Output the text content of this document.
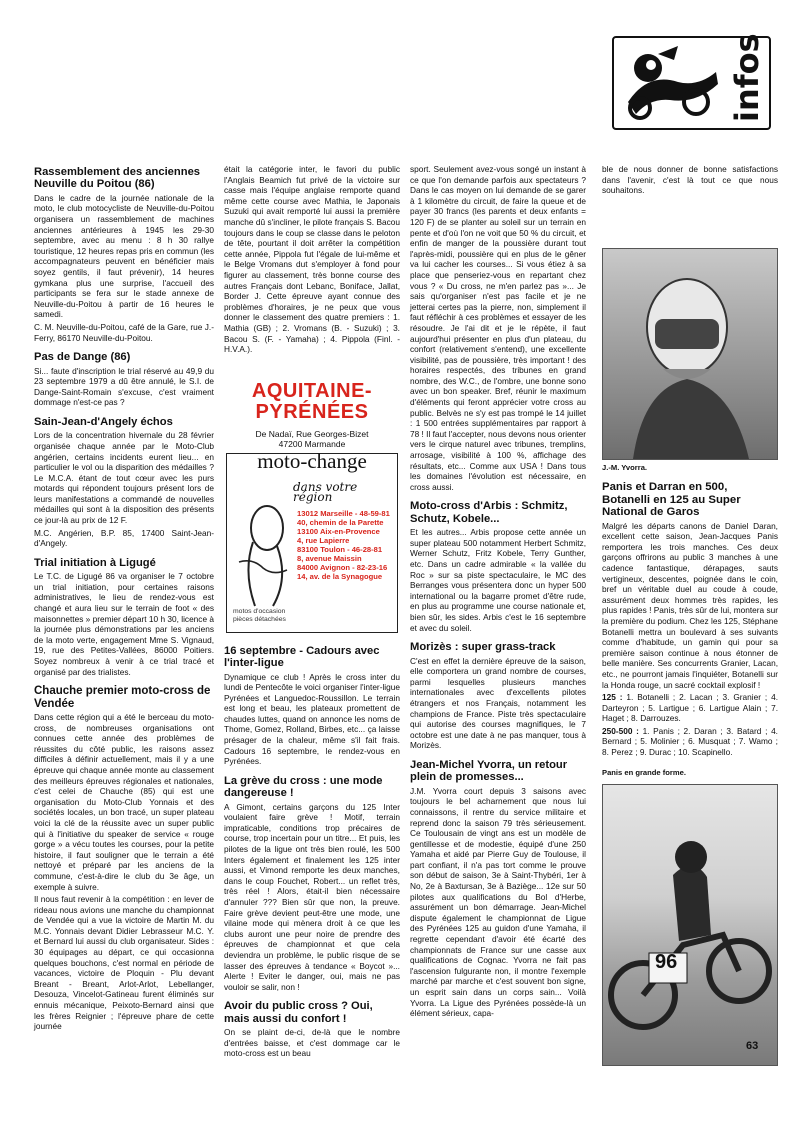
infos
Rassemblement des anciennes Neuville du Poitou (86)

Dans le cadre de la journée nationale de la moto, le club motocycliste de Neuville-du-Poitou organisera un rassemblement de machines anciennes antérieures à 1945 les 29-30 septembre, avec au menu : 8 h 30 rallye touristique, 12 heures repas pris en commun (les accompagnateurs peuvent en bénéficier mais soyez gentils, il faut prévenir), 14 heures gymkana plus une surprise, l'accueil des participants se fera sur le stade annexe de Neuville-du-Poitou à partir de 16 heures le samedi.

C. M. Neuville-du-Poitou, café de la Gare, rue J.-Ferry, 86170 Neuville-du-Poitou.

Pas de Dange (86)

Si... faute d'inscription le trial réservé au 49,9 du 23 septembre 1979 a dû être annulé, le S.I. de Dange-Saint-Romain s'excuse, c'est vraiment dommage n'est-ce pas ?

Sain-Jean-d'Angely échos

Lors de la concentration hivernale du 28 février organisée chaque année par le Moto-Club angérien, certains incidents eurent lieu... en particulier le vol ou la disparition des médailles ? Le M.C.A. étant de tout cœur avec les purs motards qui répondent toujours présent lors de leurs manifestations a commandé de nouvelles médailles qui sont à la disposition des présents ce jour-là au prix de 12 F.

M.C. Angérien, B.P. 85, 17400 Saint-Jean-d'Angely.

Trial initiation à Ligugé

Le T.C. de Ligugé 86 va organiser le 7 octobre un trial initiation, pour certaines raisons administratives, le lieu de rendez-vous est changé et aura lieu sur le terrain de foot « des maisonnettes » premier départ 10 h 30, licence à la journée plus démonstrations par les anciens de la moto verte, engagement Mme S. Vignaud, 19, rue des Petites-Vallées, 86000 Poitiers. Soyez nombreux à venir à ce trial tracé et organisé par des trialistes.

Chauche premier moto-cross de Vendée

Dans cette région qui a été le berceau du moto-cross, de nombreuses organisations ont connues cette année des problèmes de réussites du côté public, les raisons assez difficiles à définir actuellement, mais il y a une épreuve qui chaque année monte au classement des meilleurs épreuves régionales et nationales, c'est celei de Chauche (85) qui est une organisation du Moto-Club Yonnais et des sociétés locales, un bon tracé, un super plateau voici la clé de la réussite avec un super public qui à l'initiative du speaker de service « rouge gorge » a vécu toutes les courses, pour la petite histoire, il faut souligner que le terrain a été nettoyé et préparé par les anciens de la commune, c'est-à-dire le club du 3e âge, un exemple à suivre.

Il nous faut revenir à la compétition : en lever de rideau nous avions une manche du championnat de Vendée qui a vue la victoire de Martin M. du M.C. Yonnais devant Didier Lebrasseur M.C. Y. et Bernard lui aussi du club organisateur. Sides : 30 équipages au départ, ce qui occasionna quelques bouchons, c'est normal en période de vacances, victoire de Ploquin - Plu devant Breant - Breant, Arlot-Arlot, Lebellanger, Desouza, Vincelot-Gatineau furent éliminés sur ennuis mécanique, Peixoto-Bernard ainsi que les frères Reignier ; l'épreuve phare de cette journée

était la catégorie inter, le favori du public l'Anglais Beamich fut privé de la victoire sur casse mais l'équipe anglaise remporte quand même cette course avec Mathia, le Japonais Suzuki qui avait remporté lui aussi la première manche dû s'incliner, le pilote français S. Bacou toujours dans le coup se classe dans le peloton de tête, pourtant il doit arrêter la compétition cette année, Pippola fut l'égale de lui-même et le Belge Vromans dut s'employer à fond pour figurer au classement, très bonne course des autres Français dont Lebanc, Boniface, Jallat, Border J. Cette épreuve ayant connue des problèmes d'horaires, je ne peux que vous donner le classement des quatre premiers : 1. Mathia (GB) ; 2. Vromans (B. - Suzuki) ; 3. Bacou S. (F. - Yamaha) ; 4. Pippola (Finl. - H.V.A.).

AQUITAINE-
PYRÉNÉES
De Nadaï, Rue Georges-Bizet
47200 Marmande
moto-change
dans votre région
13012 Marseille - 48-59-81
40, chemin de la Parette
13100 Aix-en-Provence
4, rue Lapierre
83100 Toulon - 46-28-81
8, avenue Maissin
84000 Avignon - 82-23-16
14, av. de la Synagogue
motos d'occasion
pièces détachées
16 septembre - Cadours avec l'inter-ligue

Dynamique ce club ! Après le cross inter du lundi de Pentecôte le voici organiser l'inter-ligue Pyrénées et Languedoc-Roussillon. Le terrain est long et beau, les plateaux promettent de chaudes luttes, quand on annonce les noms de Thome, Gomez, Rolland, Birbes, etc... ça laisse présager de la chaleur, même s'il fait frais. Cadours 16 septembre, le rendez-vous en Pyrénées.

La grève du cross : une mode dangereuse !

A Gimont, certains garçons du 125 Inter voulaient faire grève ! Motif, terrain impraticable, conditions trop précaires de course, trop incertain pour un titre... Et puis, les pilotes de la ligue ont très bien roulé, les 500 Inters également et finalement les 125 inter aussi, et Vimond remporte les deux manches, dans le coup Fouchet, Robert... un reflet très, très réel ! Alors, était-il bien nécessaire d'annuler ??? Bien sûr que non, la preuve. Faire grève devient peut-être une mode, une vilaine mode qui mènera droit à ce que les clubs auront une peur noire de prendre des épreuves de championnat et que cela deviendra un problème, le public risque de se lasser des épreuves à tendance « Boycot »... Alerte ! Eviter le danger, oui, mais ne pas vouloir se salir, non !

Avoir du public cross ? Oui, mais aussi du confort !

On se plaint de-ci, de-là que le nombre d'entrées baisse, et c'est dommage car le moto-cross est un beau

sport. Seulement avez-vous songé un instant à ce que l'on demande parfois aux spectateurs ? Dans le cas moyen on lui demande de se garer à 1 kilomètre du circuit, de faire la queue et de payer 30 francs (les parents et deux enfants = 120 F) de se planter au soleil sur un terrain en pente et d'où l'on ne voit que 50 % du circuit, et enfin de manger de la poussière durant tout l'après-midi, poussière qui en plus de le gêner va lui cacher les courses... Si vous étiez à sa place que penseriez-vous en repartant chez vous ? « Du cross, ne m'en parlez pas »... Je sais qu'organiser n'est pas facile et je ne jetterai certes pas la pierre, non, simplement il faut réfléchir à ces problèmes et essayer de les résoudre. Je l'ai dit et je le répète, il faut aujourd'hui présenter en plus d'un plateau, du confort (relativement s'entend), une excellente visibilité, pas de poussière, très important ! des horaires respectés, des tribunes en grand nombre, des W.C., de l'ombre, une bonne sono avec un bon speaker. Bref, réunir le maximum d'éléments qui feront apprécier votre cross au public. Belvès ne s'y est pas trompé le 14 juillet : 1 500 entrées supplémentaires par rapport à 78 ! Il faut l'accepter, nous devons nous orienter vers le cirque naturel avec tribunes, tremplins, arrosage, visibilité à 100 %, affichage des résultats, etc... Comme aux USA ! Dans tous les domaines l'évolution est nécessaire, en cross aussi.

Moto-cross d'Arbis : Schmitz, Schutz, Kobele...

Et les autres... Arbis propose cette année un super plateau 500 notamment Herbert Schmitz, Werner Schutz, Fritz Kobele, Terry Gunther, etc. Dans un cadre admirable « la vallée du Roc » sur sa piste spectaculaire, le MC des Berranges vous présentera donc un hyper 500 international ou la bagarre promet d'être rude, en plus au programme une course nationale et, bien sûr, les sides. Arbis c'est le 16 septembre et avec du soleil.

Morizès : super grass-track

C'est en effet la dernière épreuve de la saison, elle comportera un grand nombre de courses, parmi lesquelles plusieurs manches internationales avec d'excellents pilotes étrangers et nos Français, notamment les champions de France. Piste très spectaculaire qui autorise des courses magnifiques, le 7 octobre est une date à ne pas manquer, tous à Morizès.

Jean-Michel Yvorra, un retour plein de promesses...

J.M. Yvorra court depuis 3 saisons avec toujours le bel acharnement que nous lui connaissons, il rentre du service militaire et reprend donc la saison 79 très sérieusement. Ce Toulousain de vingt ans est un modèle de gentillesse et de modestie, équipé d'une 250 Yamaha et aidé par Pierre Guy de Toulouse, il part confiant, il n'a pas tort comme le prouve son début de saison, 3e à Saint-Thybéri, 1er à No, 2e à Baxtursan, 3e à Baziège... 12e sur 50 pilotes aux qualifications du Bol d'Herbe, assurément un bon démarrage. Jean-Michel dispute également le championnat de Ligue des Pyrénées 125 au guidon d'une Yamaha, il regrette cependant d'avoir été écarté des championnats de France sur une casse aux qualifications de Cognac. Yvorra ne fait pas l'ascension fulgurante non, il montre l'exemple marché par marche et c'est souvent bon signe, un esprit sain dans un corps sain... Voilà Yvorra. La Ligue des Pyrénées possède-là un élément sérieux, capa-

ble de nous donner de bonne satisfactions dans l'avenir, c'est là tout ce que nous souhaitons.

J.-M. Yvorra.
Panis et Darran en 500, Botanelli en 125 au Super National de Garos

Malgré les départs canons de Daniel Daran, excellent cette saison, Jean-Jacques Panis remportera les trois manches. Ces deux garçons offrirons au public 3 manches à une cadence fantastique, dérapages, sauts vertigineux, descentes, poignée dans le coin, bref un véritable duel au coude à coude, assurément deux hommes très rapides, les plus rapides ! Panis, très sûr de lui, montera sur la première du podium. Chez les 125, Stéphane Botanelli mettra un boulevard à ses suivants comme d'habitude, un gamin qui pour sa première saison continue à nous étonner de belle manière. Ses concurrents Granier, Lacan, etc., ne pourront jamais l'inquiéter, Botanelli sur la Honda rouge, un sacré cocktail explosif !

125 : 1. Botanelli ; 2. Lacan ; 3. Granier ; 4. Darteyron ; 5. Lartigue ; 6. Lartigue Alain ; 7. Haget ; 8. Darrouzes.

250-500 : 1. Panis ; 2. Daran ; 3. Batard ; 4. Bernard ; 5. Molinier ; 6. Musquat ; 7. Wamo ; 8. Perez ; 9. Durac ; 10. Scapinello.

Panis en grande forme.
96
63
